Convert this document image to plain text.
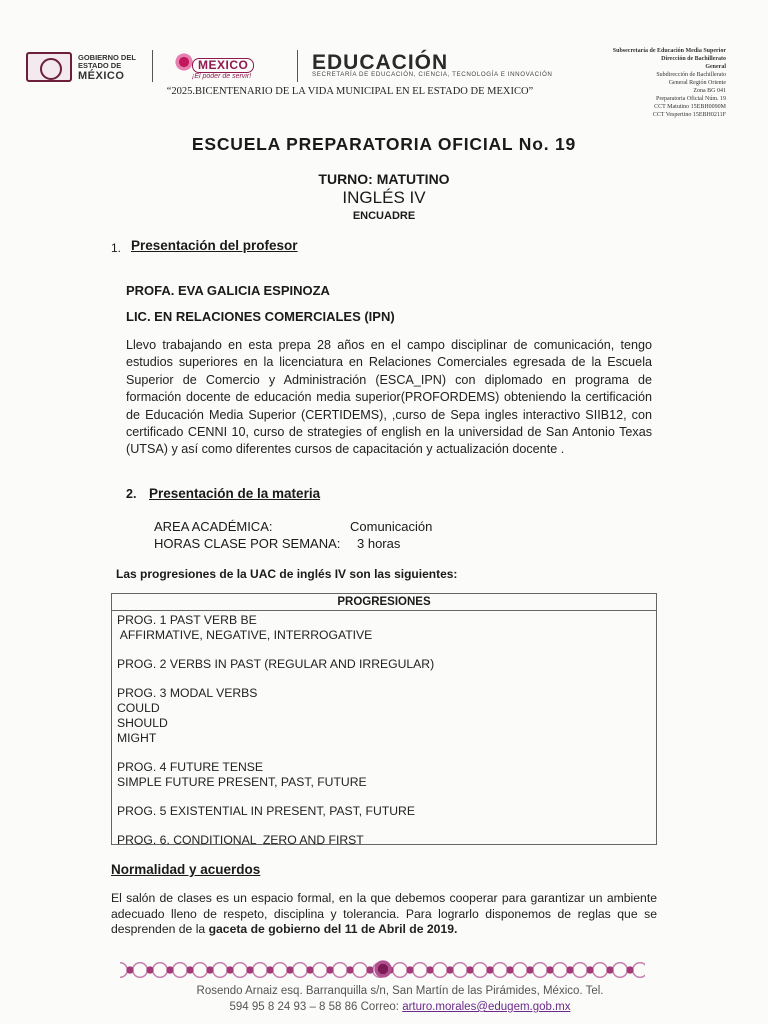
GOBIERNO DEL
ESTADO DE
MÉXICO
MEXICO
¡El poder de servir!
EDUCACIÓN
SECRETARÍA DE EDUCACIÓN, CIENCIA, TECNOLOGÍA E INNOVACIÓN
“2025.BICENTENARIO DE LA VIDA MUNICIPAL EN EL ESTADO DE MEXICO”
Subsecretaría de Educación Media Superior
Dirección de Bachillerato
General
Subdirección de Bachillerato
General Región Oriente
Zona BG 041
Preparatoria Oficial Núm. 19
CCT Matutino 15EBH0090M
CCT Vespertino 15EBH0211F
ESCUELA PREPARATORIA OFICIAL No. 19
TURNO: MATUTINO
INGLÉS IV
ENCUADRE
1. Presentación del profesor
PROFA. EVA GALICIA ESPINOZA
LIC. EN RELACIONES COMERCIALES (IPN)
Llevo trabajando en esta prepa 28 años en el campo disciplinar de comunicación, tengo estudios superiores en la licenciatura en Relaciones Comerciales egresada de la Escuela Superior de Comercio y Administración (ESCA_IPN) con diplomado en programa de formación docente de educación media superior(PROFORDEMS) obteniendo la certificación de Educación Media Superior (CERTIDEMS), ,curso de Sepa ingles interactivo SIIB12, con certificado CENNI 10, curso de strategies of english en la universidad de San Antonio Texas (UTSA) y así como diferentes cursos de capacitación y actualización docente .
2. Presentación de la materia
AREA ACADÉMICA:	Comunicación
HORAS CLASE POR SEMANA: 3 horas
Las progresiones de la UAC de inglés IV son las siguientes:
PROGRESIONES
PROG. 1 PAST VERB BE
AFFIRMATIVE, NEGATIVE, INTERROGATIVE
PROG. 2 VERBS IN PAST (REGULAR AND IRREGULAR)
PROG. 3 MODAL VERBS
COULD
SHOULD
MIGHT
PROG. 4 FUTURE TENSE
SIMPLE FUTURE PRESENT, PAST, FUTURE
PROG. 5 EXISTENTIAL IN PRESENT, PAST, FUTURE
PROG. 6. CONDITIONAL  ZERO AND FIRST
Normalidad y acuerdos
El salón de clases es un espacio formal, en la que debemos cooperar para garantizar un ambiente adecuado lleno de respeto, disciplina y tolerancia. Para lograrlo disponemos de reglas que se desprenden de la gaceta de gobierno del 11 de Abril de 2019.
Rosendo Arnaiz esq. Barranquilla s/n, San Martín de las Pirámides, México. Tel.
594 95 8 24 93 – 8 58 86 Correo: arturo.morales@edugem.gob.mx
